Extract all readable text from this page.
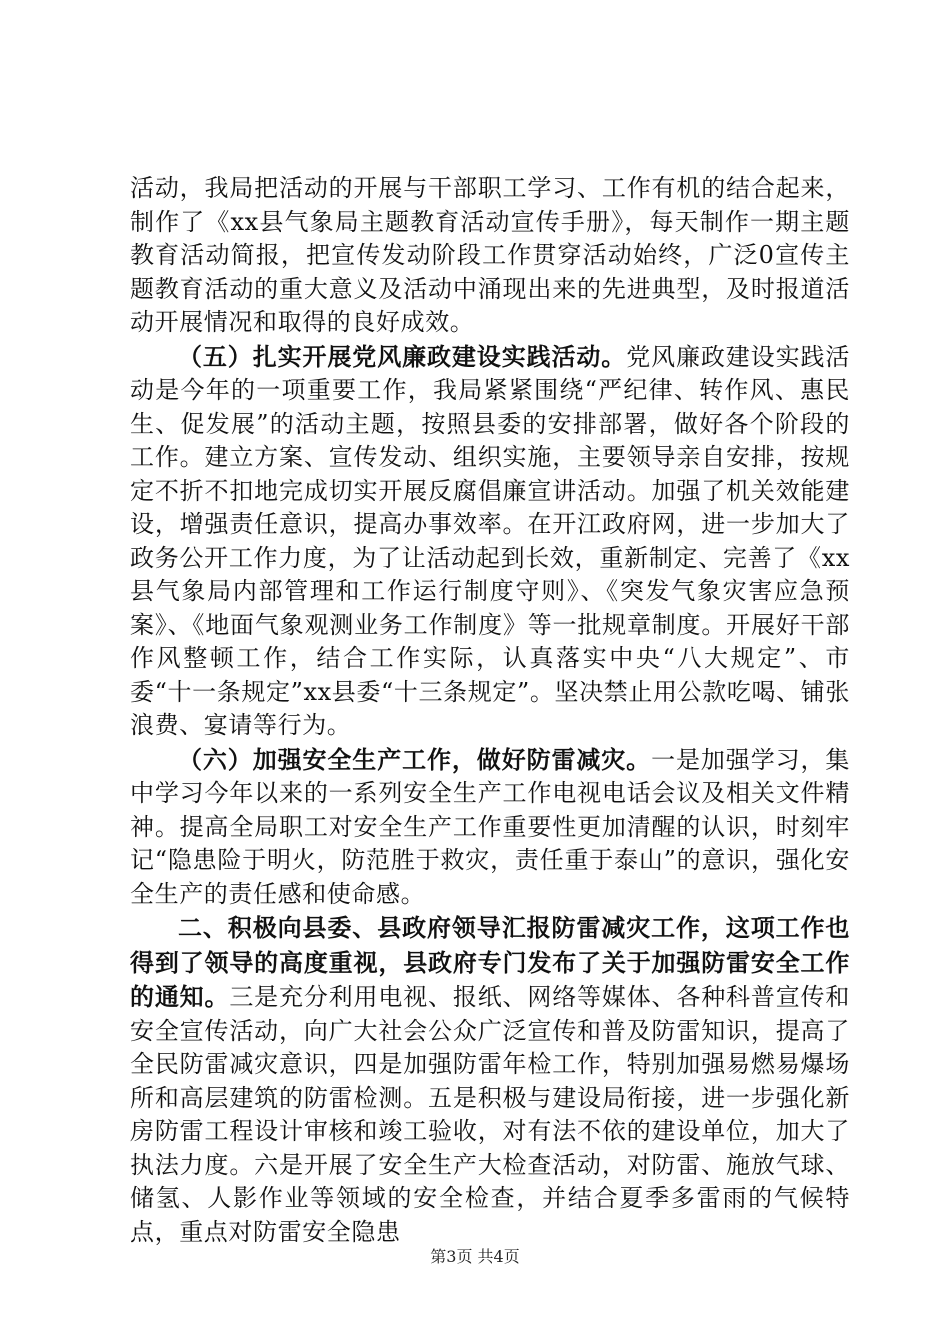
活动，我局把活动的开展与干部职工学习、工作有机的结合起来，制作了《xx县气象局主题教育活动宣传手册》，每天制作一期主题教育活动简报，把宣传发动阶段工作贯穿活动始终，广泛0宣传主题教育活动的重大意义及活动中涌现出来的先进典型，及时报道活动开展情况和取得的良好成效。

（五）扎实开展党风廉政建设实践活动。党风廉政建设实践活动是今年的一项重要工作，我局紧紧围绕“严纪律、转作风、惠民生、促发展”的活动主题，按照县委的安排部署，做好各个阶段的工作。建立方案、宣传发动、组织实施，主要领导亲自安排，按规定不折不扣地完成切实开展反腐倡廉宣讲活动。加强了机关效能建设，增强责任意识，提高办事效率。在开江政府网，进一步加大了政务公开工作力度，为了让活动起到长效，重新制定、完善了《xx县气象局内部管理和工作运行制度守则》、《突发气象灾害应急预案》、《地面气象观测业务工作制度》等一批规章制度。开展好干部作风整顿工作，结合工作实际，认真落实中央“八大规定”、市委“十一条规定”xx县委“十三条规定”。坚决禁止用公款吃喝、铺张浪费、宴请等行为。

（六）加强安全生产工作，做好防雷减灾。一是加强学习，集中学习今年以来的一系列安全生产工作电视电话会议及相关文件精神。提高全局职工对安全生产工作重要性更加清醒的认识，时刻牢记“隐患险于明火，防范胜于救灾，责任重于泰山”的意识，强化安全生产的责任感和使命感。

二、积极向县委、县政府领导汇报防雷减灾工作，这项工作也得到了领导的高度重视，县政府专门发布了关于加强防雷安全工作的通知。三是充分利用电视、报纸、网络等媒体、各种科普宣传和安全宣传活动，向广大社会公众广泛宣传和普及防雷知识，提高了全民防雷减灾意识，四是加强防雷年检工作，特别加强易燃易爆场所和高层建筑的防雷检测。五是积极与建设局衔接，进一步强化新房防雷工程设计审核和竣工验收，对有法不依的建设单位，加大了执法力度。六是开展了安全生产大检查活动，对防雷、施放气球、储氢、人影作业等领域的安全检查，并结合夏季多雷雨的气候特点，重点对防雷安全隐患

第3页 共4页
